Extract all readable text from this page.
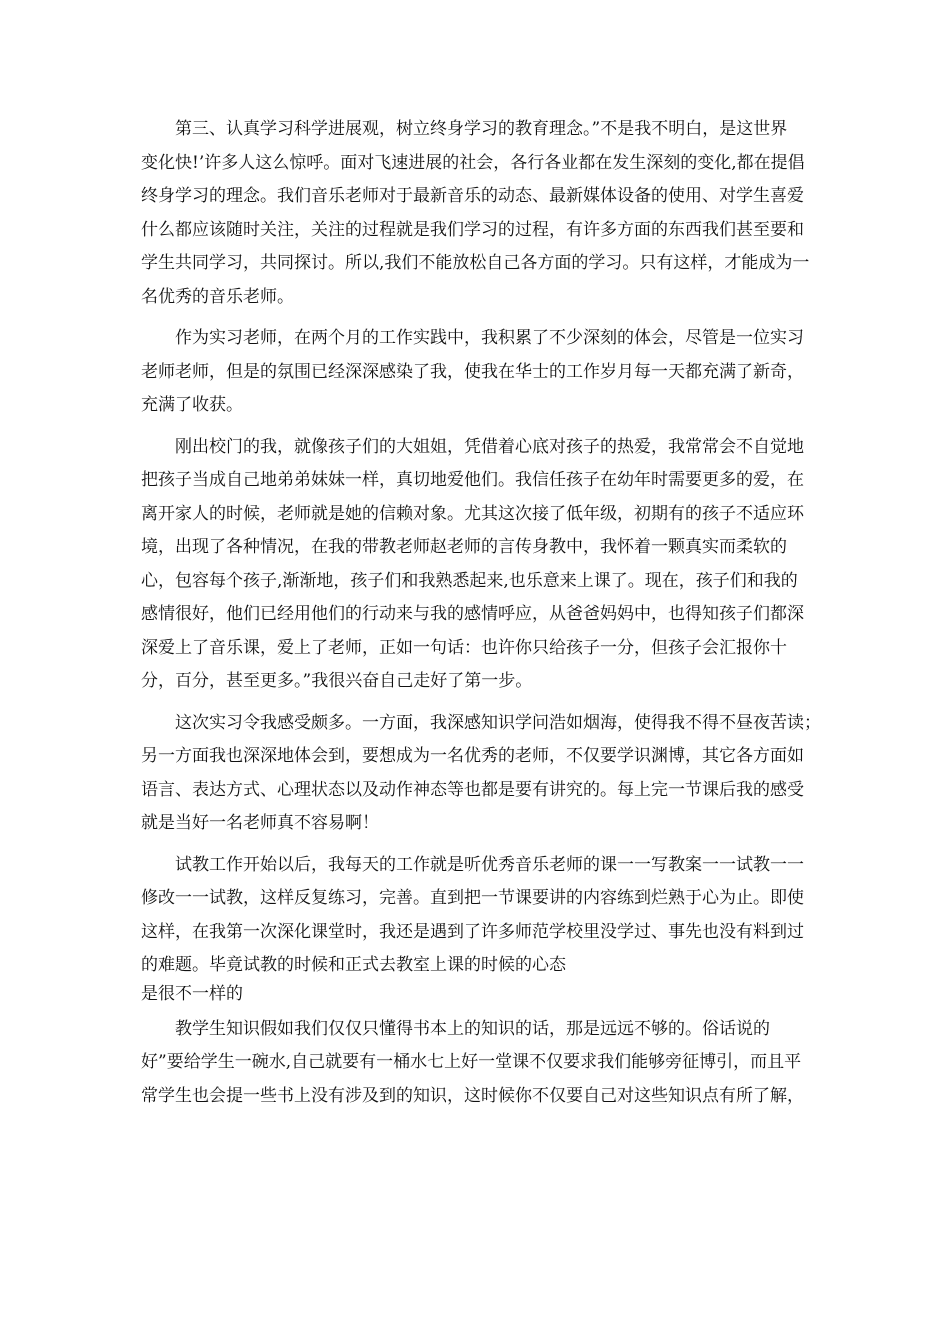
第三、认真学习科学进展观，树立终身学习的教育理念。”不是我不明白，是这世界
变化快!’许多人这么惊呼。面对飞速进展的社会，各行各业都在发生深刻的变化,都在提倡
终身学习的理念。我们音乐老师对于最新音乐的动态、最新媒体设备的使用、对学生喜爱
什么都应该随时关注，关注的过程就是我们学习的过程，有许多方面的东西我们甚至要和
学生共同学习，共同探讨。所以,我们不能放松自己各方面的学习。只有这样，才能成为一
名优秀的音乐老师。

作为实习老师，在两个月的工作实践中，我积累了不少深刻的体会，尽管是一位实习
老师老师，但是的氛围已经深深感染了我，使我在华士的工作岁月每一天都充满了新奇，
充满了收获。

刚出校门的我，就像孩子们的大姐姐，凭借着心底对孩子的热爱，我常常会不自觉地
把孩子当成自己地弟弟妹妹一样，真切地爱他们。我信任孩子在幼年时需要更多的爱，在
离开家人的时候，老师就是她的信赖对象。尤其这次接了低年级，初期有的孩子不适应环
境，出现了各种情况，在我的带教老师赵老师的言传身教中，我怀着一颗真实而柔软的
心，包容每个孩子,渐渐地，孩子们和我熟悉起来,也乐意来上课了。现在，孩子们和我的
感情很好，他们已经用他们的行动来与我的感情呼应，从爸爸妈妈中，也得知孩子们都深
深爱上了音乐课，爱上了老师，正如一句话：也许你只给孩子一分，但孩子会汇报你十
分，百分，甚至更多。”我很兴奋自己走好了第一步。

这次实习令我感受颇多。一方面，我深感知识学问浩如烟海，使得我不得不昼夜苦读；
另一方面我也深深地体会到，要想成为一名优秀的老师，不仅要学识渊博，其它各方面如
语言、表达方式、心理状态以及动作神态等也都是要有讲究的。每上完一节课后我的感受
就是当好一名老师真不容易啊！

试教工作开始以后，我每天的工作就是听优秀音乐老师的课一一写教案一一试教一一
修改一一试教，这样反复练习，完善。直到把一节课要讲的内容练到烂熟于心为止。即使
这样，在我第一次深化课堂时，我还是遇到了许多师范学校里没学过、事先也没有料到过
的难题。毕竟试教的时候和正式去教室上课的时候的心态

是很不一样的

教学生知识假如我们仅仅只懂得书本上的知识的话，那是远远不够的。俗话说的
好”要给学生一碗水,自己就要有一桶水七上好一堂课不仅要求我们能够旁征博引，而且平
常学生也会提一些书上没有涉及到的知识，这时候你不仅要自己对这些知识点有所了解，
